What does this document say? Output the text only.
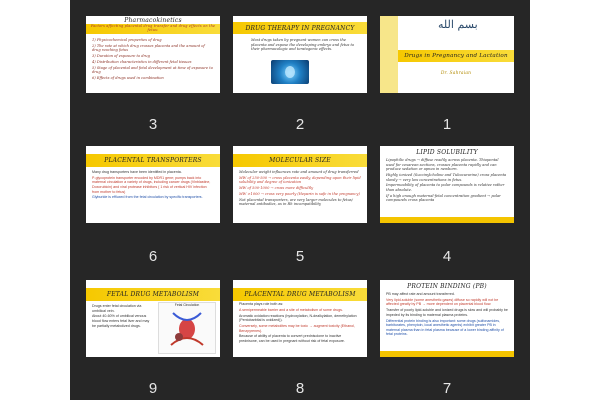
Pharmacokinetics
Factors affecting placental drug transfer and drug effects on the fetus:

1) Physicochemical properties of drug

2) The rate at which drug crosses placenta and the amount of drug reaching fetus

3) Duration of exposure to drug

4) Distribution characteristics in different fetal tissues

5) Stage of placental and fetal development at time of exposure to drug

6) Effects of drugs used in combination

3
DRUG THERAPY IN PREGNANCY

Most drugs taken by pregnant women can cross the placenta and expose the developing embryo and fetus to their pharmacologic and teratogenic effects.

2
بسم الله
Drugs in Pregnancy and Lactation
Dr. Sahraian
1
PLACENTAL TRANSPORTERS

Many drug transporters have been identified in placenta.

P-glycoprotein transporter encoded by MDR1 gene; pumps back into maternal circulation a variety of drugs, including cancer drugs (Vinblastine, Doxorubicin) and viral protease inhibitors ( 1 risk of vertical HIV infection from mother to fetus)

Glyburide is effluxed from the fetal circulation by specific transporters.

6
MOLECULAR SIZE

Molecular weight influences rate and amount of drug transferred

MW of 250-500 → cross placenta easily, depending upon their lipid solubility and degree of ionization

MW of 500-1000 → cross more difficultly

MW >1000 → cross very poorly (Heparin is safe in the pregnancy)

Not placental transporters, are very larger molecules to fetus/ maternal antibodies, as in Rh incompatibility

5
LIPID SOLUBILITY

Lipophilic drugs → diffuse readily across placenta. Thiopental used for cesarean sections, crosses placenta rapidly and can produce sedation or apnea in newborn.

Highly ionized (Succinylcholine and Tubocurarine) cross placenta slowly → very low concentrations in fetus.

Impermeability of placenta to polar compounds is relative rather than absolute.

If a high enough maternal-fetal concentration gradient → polar compounds cross placenta

4
FETAL DRUG METABOLISM

Drugs enter fetal circulation via umbilical vein.

About 40-60% of umbilical venous blood flow enters fetal liver and may be partially metabolized drugs.

Fetal Circulation
9
PLACENTAL DRUG METABOLISM

Placenta plays role both as:

A semipermeable barrier and a site of metabolism of some drugs.

Aromatic oxidation reactions (hydroxylation, N-dealkylation, demethylation (Pentobarbital is oxidized)).

Conversely, some metabolites may be toxic → augment toxicity (Ethanol, Benzpyrenes).

Because of ability of placenta to convert prednisolone to inactive prednisone, can be used in pregnant without risk of fetal exposure.

8
PROTEIN BINDING (PB)

PB may affect rate and amount transferred.

Very lipid-soluble (some anesthetic gases) diffuse so rapidly will not be affected greatly by PB → more dependent on placental blood flow.

Transfer of poorly lipid-soluble and ionized drugs is slow and will probably be impeded by its binding to maternal plasma proteins.

Differential protein binding is also important: some drugs (sulfonamides, barbiturates, phenytoin, local anesthetic agents) exhibit greater PB in maternal plasma than in fetal plasma because of a lower binding affinity of fetal proteins.

7
